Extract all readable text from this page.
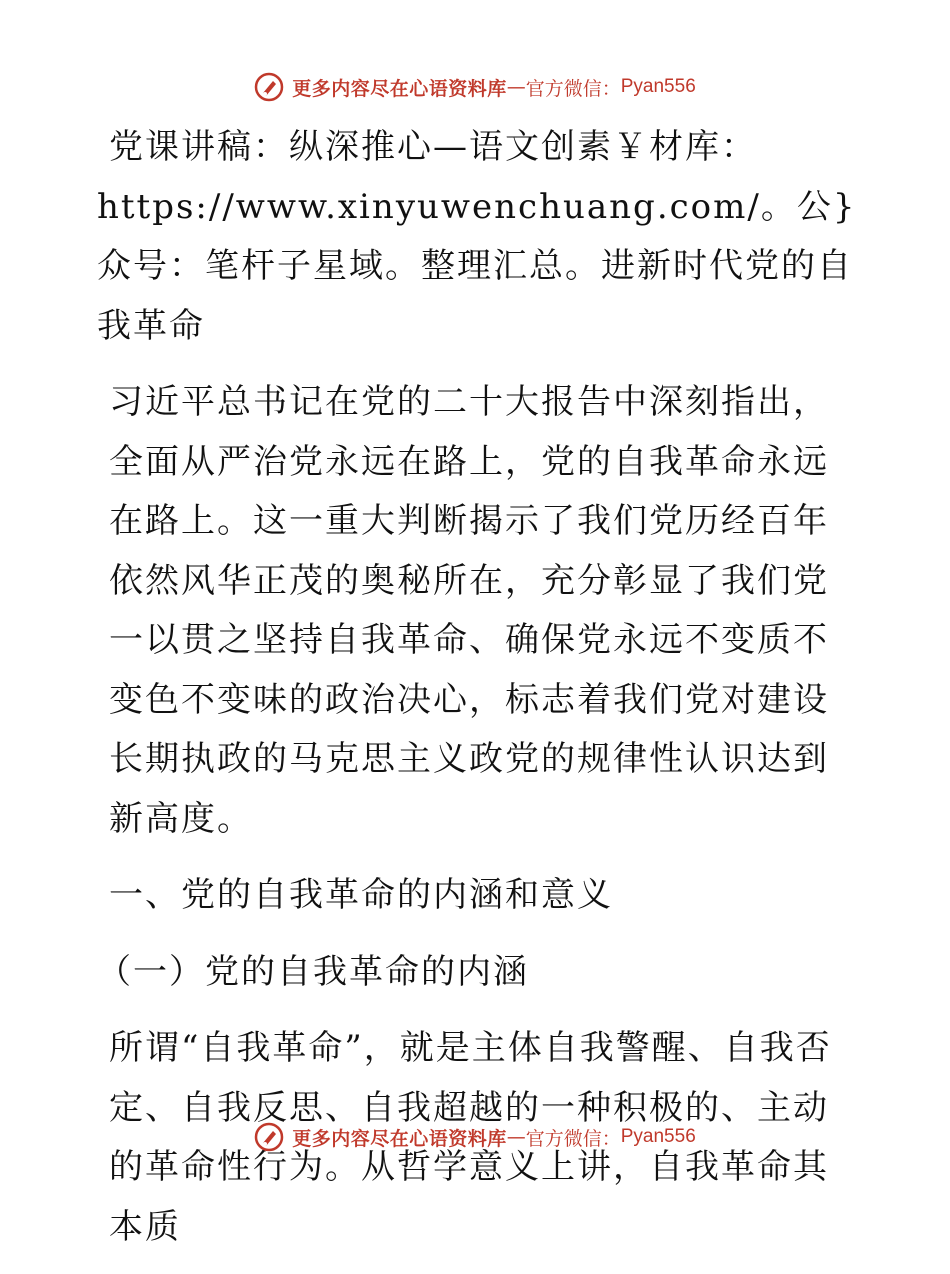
更多内容尽在心语资料库 — 官方微信： Pyan556

党课讲稿：纵深推心—语文创素￥材库：
https://www.xinyuwenchuang.com/。公}众号：笔杆子星域。整理汇总。进新时代党的自我革命

习近平总书记在党的二十大报告中深刻指出，全面从严治党永远在路上，党的自我革命永远在路上。这一重大判断揭示了我们党历经百年依然风华正茂的奥秘所在，充分彰显了我们党一以贯之坚持自我革命、确保党永远不变质不变色不变味的政治决心，标志着我们党对建设长期执政的马克思主义政党的规律性认识达到新高度。

一、党的自我革命的内涵和意义

（一）党的自我革命的内涵

所谓“自我革命”，就是主体自我警醒、自我否定、自我反思、自我超越的一种积极的、主动的革命性行为。从哲学意义上讲，自我革命其本质

更多内容尽在心语资料库 — 官方微信： Pyan556
